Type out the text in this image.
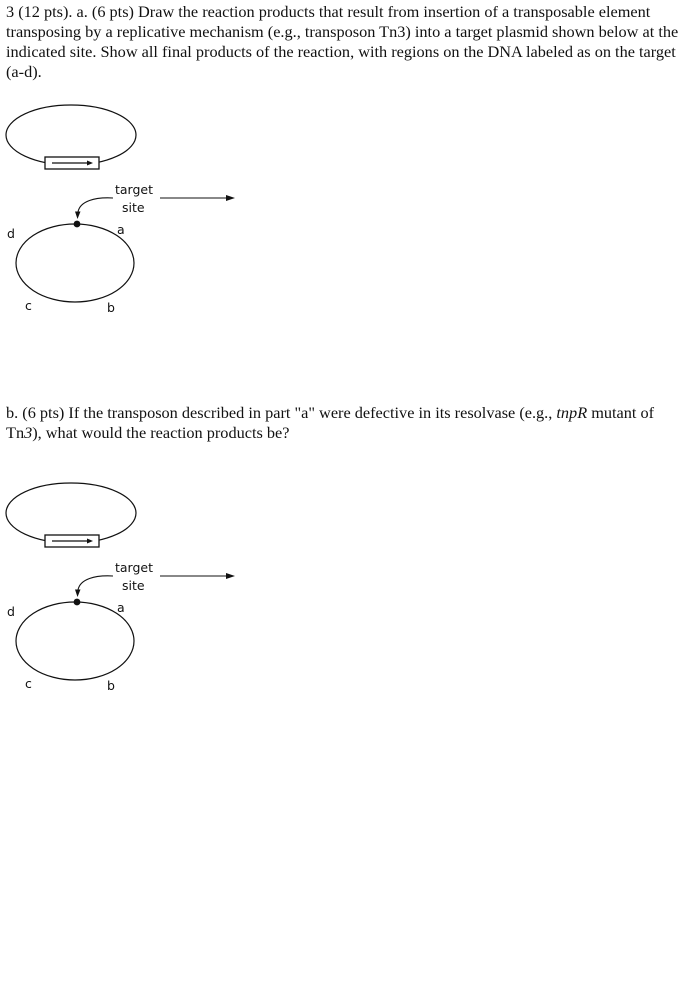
3 (12 pts). a. (6 pts) Draw the reaction products that result from insertion of a transposable element transposing by a replicative mechanism (e.g., transposon Tn3) into a target plasmid shown below at the indicated site. Show all final products of the reaction, with regions on the DNA labeled as on the target (a-d).

target
site
a
b
c
d

b. (6 pts) If the transposon described in part "a" were defective in its resolvase (e.g., tnpR mutant of Tn3), what would the reaction products be?

target
site
a
b
c
d
